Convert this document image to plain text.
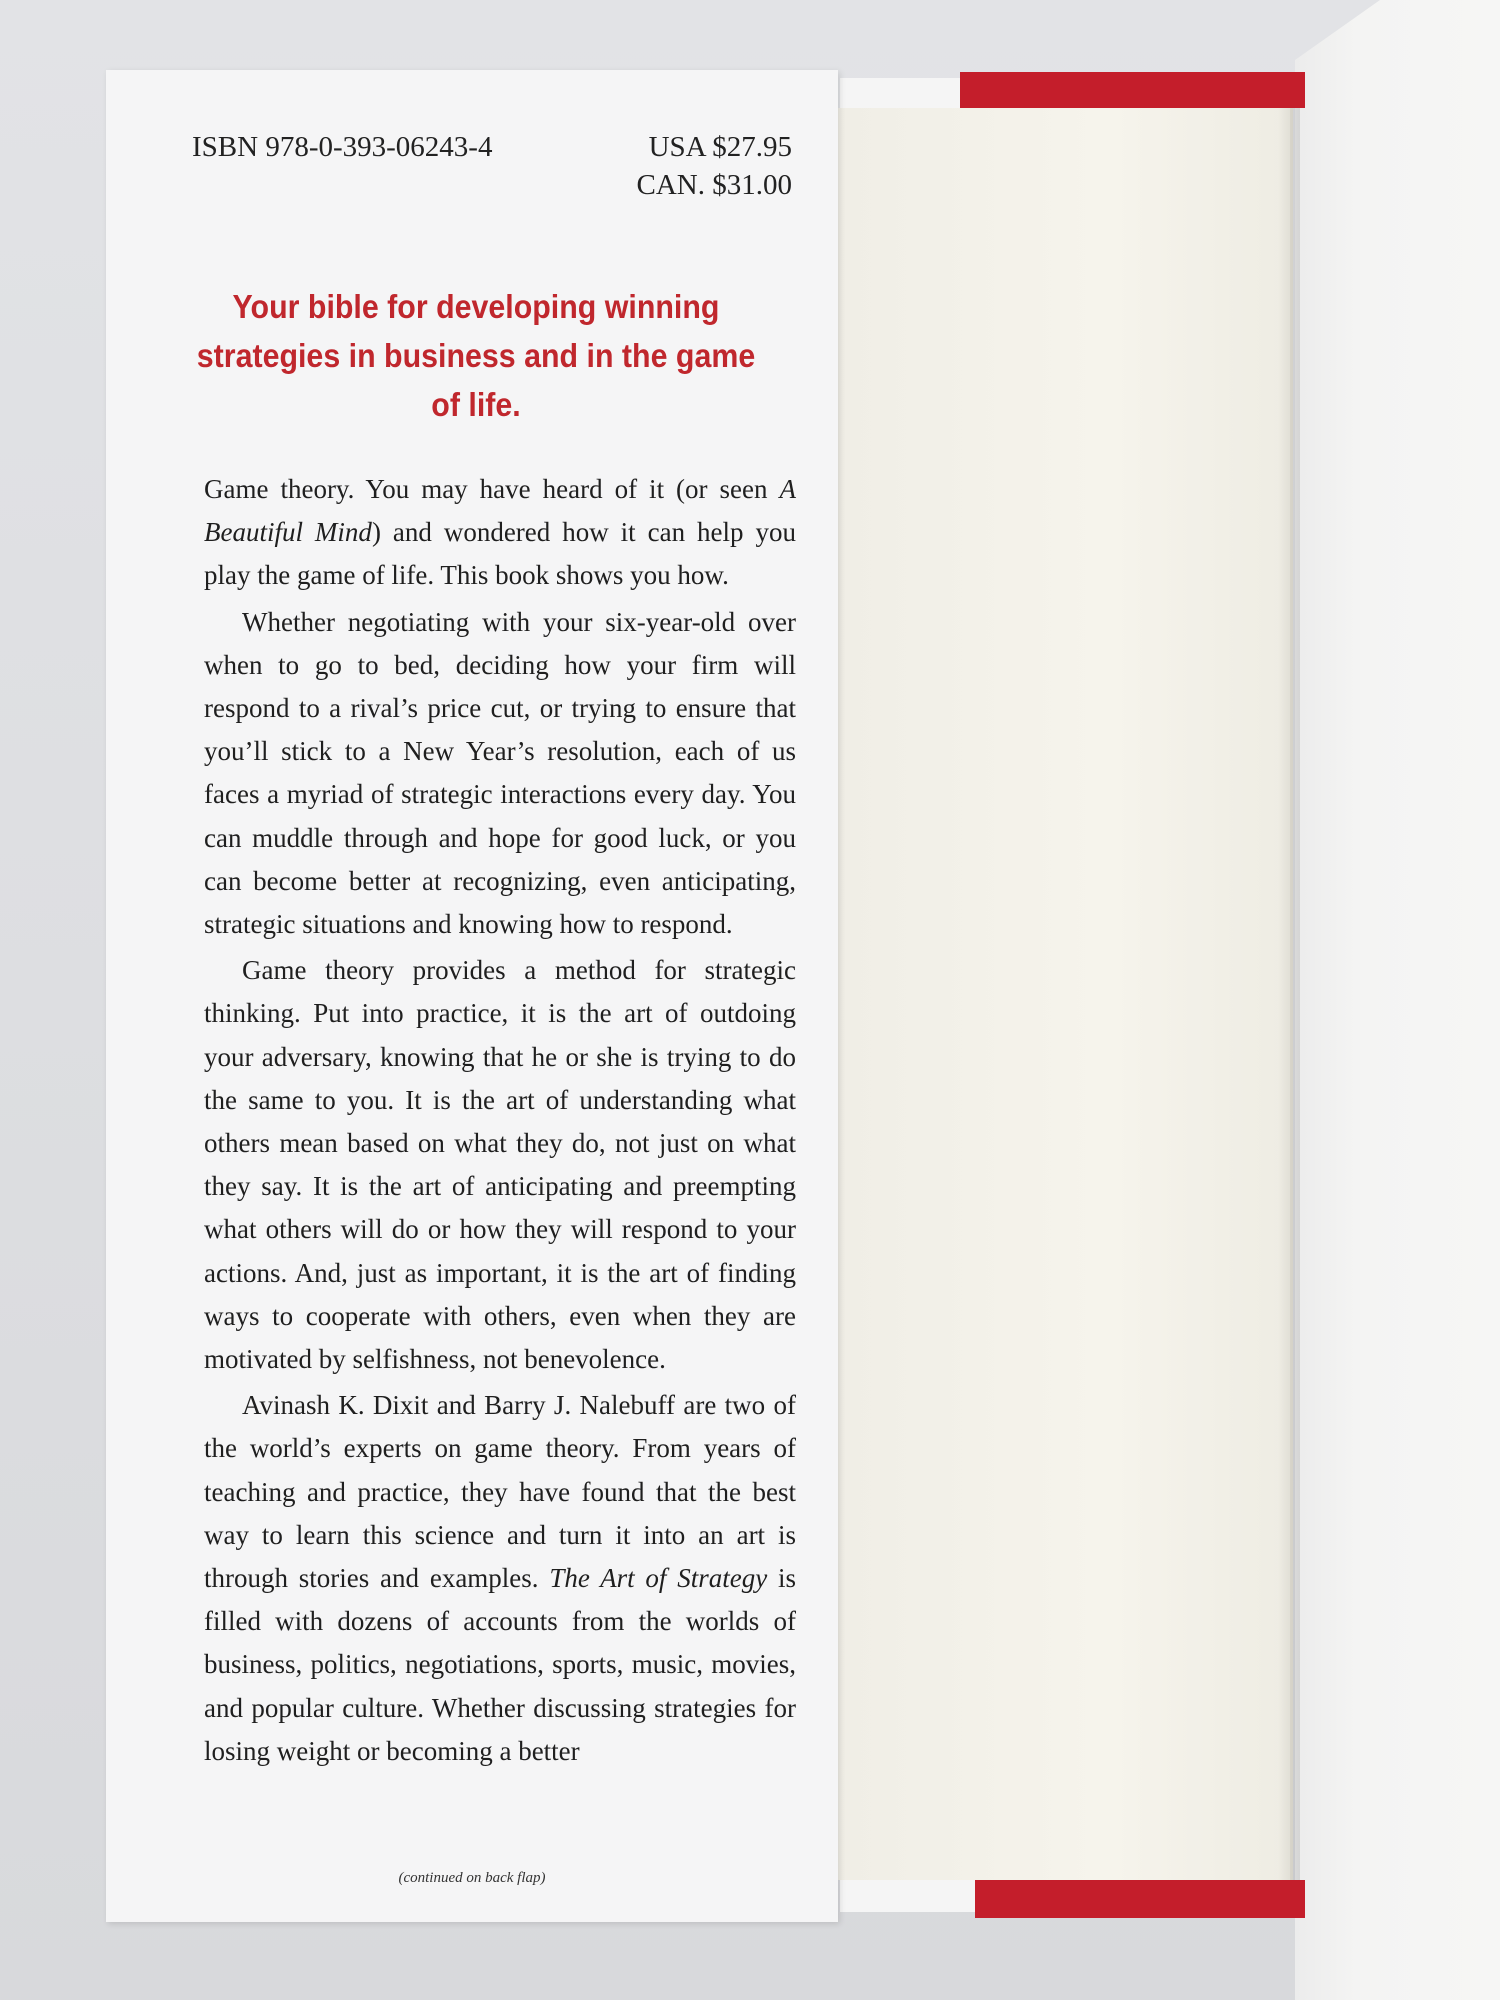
ISBN 978-0-393-06243-4	USA $27.95
CAN. $31.00
Your bible for developing winning strategies in business and in the game of life.

Game theory. You may have heard of it (or seen A Beautiful Mind) and wondered how it can help you play the game of life. This book shows you how.

Whether negotiating with your six-year-old over when to go to bed, deciding how your firm will respond to a rival’s price cut, or trying to ensure that you’ll stick to a New Year’s resolution, each of us faces a myriad of strategic interactions every day. You can muddle through and hope for good luck, or you can become better at recognizing, even anticipating, strategic situations and knowing how to respond.

Game theory provides a method for strategic thinking. Put into practice, it is the art of outdoing your adversary, knowing that he or she is trying to do the same to you. It is the art of understanding what others mean based on what they do, not just on what they say. It is the art of anticipating and preempting what others will do or how they will respond to your actions. And, just as important, it is the art of finding ways to cooperate with others, even when they are motivated by selfishness, not benevolence.

Avinash K. Dixit and Barry J. Nalebuff are two of the world’s experts on game theory. From years of teaching and practice, they have found that the best way to learn this science and turn it into an art is through stories and examples. The Art of Strategy is filled with dozens of accounts from the worlds of business, politics, negotiations, sports, music, movies, and popular culture. Whether discussing strategies for losing weight or becoming a better

(continued on back flap)
